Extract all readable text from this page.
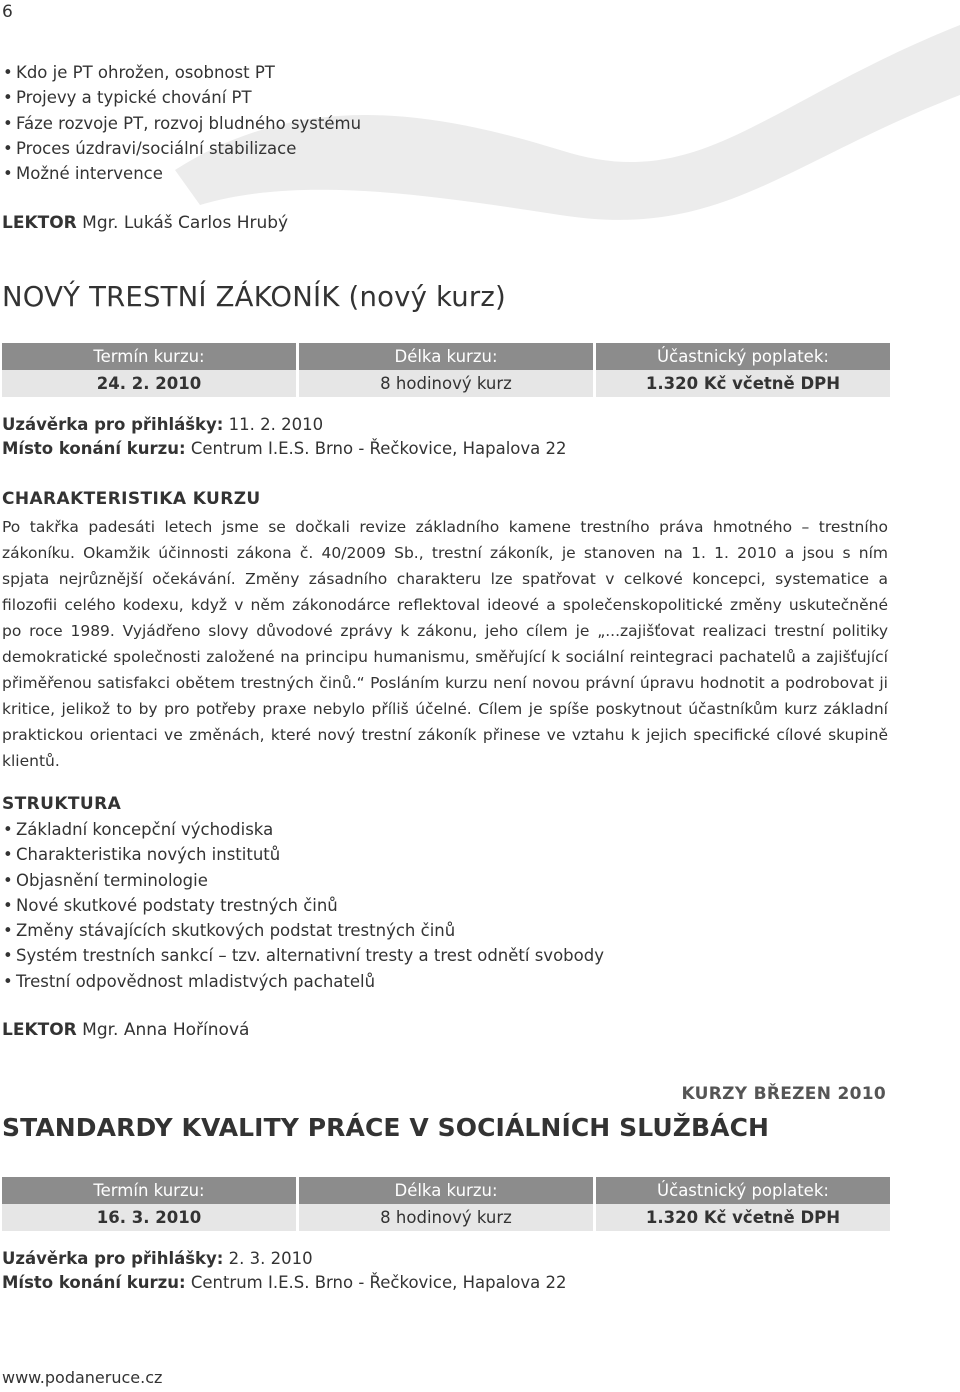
6
• Kdo je PT ohrožen, osobnost PT
• Projevy a typické chování PT
• Fáze rozvoje PT, rozvoj bludného systému
• Proces úzdravi/sociální stabilizace
• Možné intervence
LEKTOR Mgr. Lukáš Carlos Hrubý
NOVÝ TRESTNÍ ZÁKONÍK (nový kurz)
Termín kurzu:	Délka kurzu:	Účastnický poplatek:
24. 2. 2010	8 hodinový kurz	1.320 Kč včetně DPH
Uzávěrka pro přihlášky: 11. 2. 2010
Místo konání kurzu: Centrum I.E.S. Brno - Řečkovice, Hapalova 22
CHARAKTERISTIKA KURZU
Po takřka padesáti letech jsme se dočkali revize základního kamene trestního práva hmotného – trestního zákoníku. Okamžik účinnosti zákona č. 40/2009 Sb., trestní zákoník, je stanoven na 1. 1. 2010 a jsou s ním spjata nejrůznější očekávání. Změny zásadního charakteru lze spatřovat v celkové koncepci, systematice a filozofii celého kodexu, když v něm zákonodárce reflektoval ideové a společenskopolitické změny uskutečněné po roce 1989. Vyjádřeno slovy důvodové zprávy k zákonu, jeho cílem je „...zajišťovat realizaci trestní politiky demokratické společnosti založené na principu humanismu, směřující k sociální reintegraci pachatelů a zajišťující přiměřenou satisfakci obětem trestných činů.“ Posláním kurzu není novou právní úpravu hodnotit a podrobovat ji kritice, jelikož to by pro potřeby praxe nebylo příliš účelné. Cílem je spíše poskytnout účastníkům kurz základní praktickou orientaci ve změnách, které nový trestní zákoník přinese ve vztahu k jejich specifické cílové skupině klientů.
STRUKTURA
• Základní koncepční východiska
• Charakteristika nových institutů
• Objasnění terminologie
• Nové skutkové podstaty trestných činů
• Změny stávajících skutkových podstat trestných činů
• Systém trestních sankcí – tzv. alternativní tresty a trest odnětí svobody
• Trestní odpovědnost mladistvých pachatelů
LEKTOR Mgr. Anna Hořínová
KURZY BŘEZEN 2010
STANDARDY KVALITY PRÁCE V SOCIÁLNÍCH SLUŽBÁCH
Termín kurzu:	Délka kurzu:	Účastnický poplatek:
16. 3. 2010	8 hodinový kurz	1.320 Kč včetně DPH
Uzávěrka pro přihlášky: 2. 3. 2010
Místo konání kurzu: Centrum I.E.S. Brno - Řečkovice, Hapalova 22
www.podaneruce.cz
